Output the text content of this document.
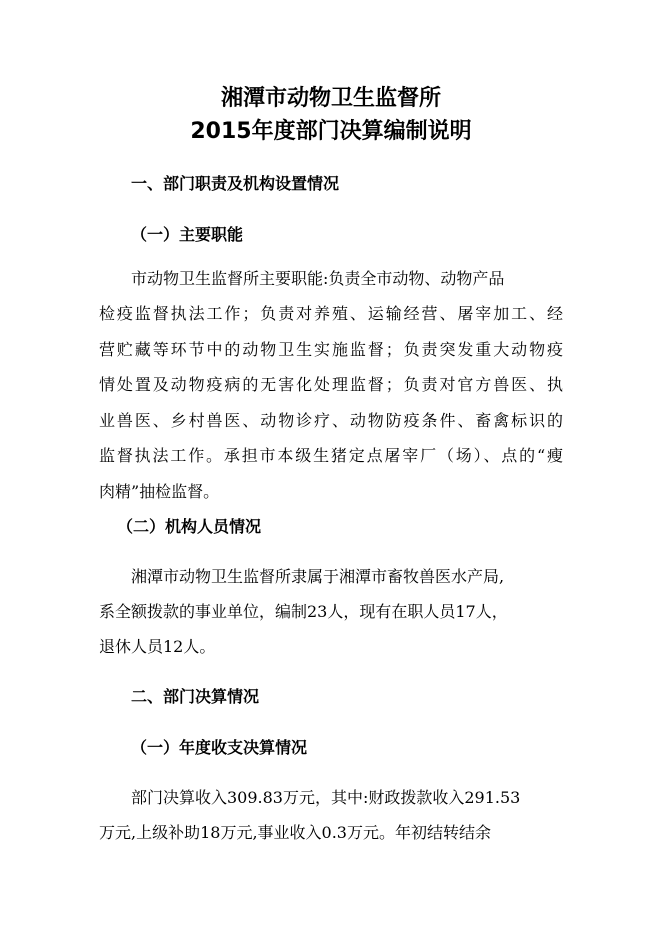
湘潭市动物卫生监督所
2015年度部门决算编制说明
一、部门职责及机构设置情况
（一）主要职能
市动物卫生监督所主要职能:负责全市动物、动物产品
检疫监督执法工作；负责对养殖、运输经营、屠宰加工、经
营贮藏等环节中的动物卫生实施监督；负责突发重大动物疫
情处置及动物疫病的无害化处理监督；负责对官方兽医、执
业兽医、乡村兽医、动物诊疗、动物防疫条件、畜禽标识的
监督执法工作。承担市本级生猪定点屠宰厂（场）、点的“瘦
肉精”抽检监督。
（二）机构人员情况
湘潭市动物卫生监督所隶属于湘潭市畜牧兽医水产局,
系全额拨款的事业单位，编制23人，现有在职人员17人，
退休人员12人。
二、部门决算情况
（一）年度收支决算情况
部门决算收入309.83万元，其中:财政拨款收入291.53
万元,上级补助18万元,事业收入0.3万元。年初结转结余
